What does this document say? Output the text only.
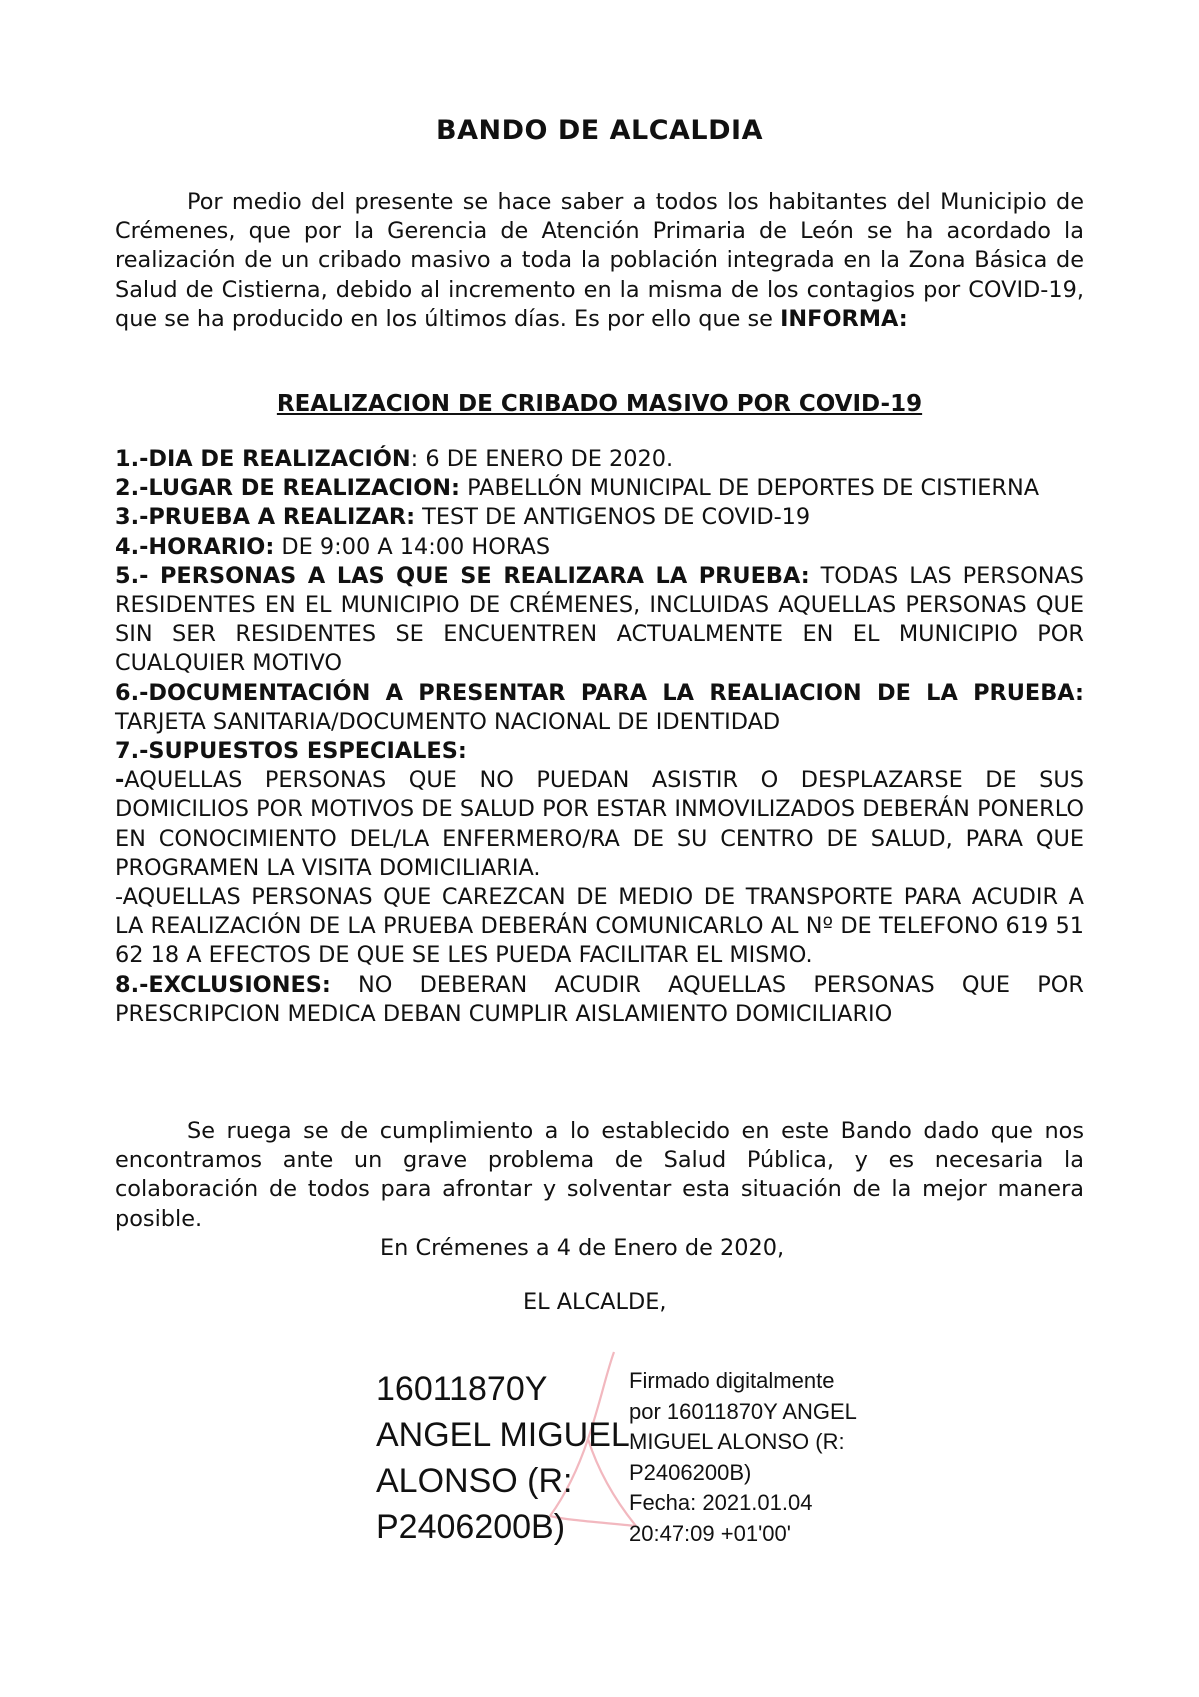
BANDO DE ALCALDIA

Por medio del presente se hace saber a todos los habitantes del Municipio de Crémenes, que por la Gerencia de Atención Primaria de León se ha acordado la realización de un cribado masivo a toda la población integrada en la Zona Básica de Salud de Cistierna, debido al incremento en la misma de los contagios por COVID-19, que se ha producido en los últimos días. Es por ello que se INFORMA:

REALIZACION DE CRIBADO MASIVO POR COVID-19

1.-DIA DE REALIZACIÓN: 6 DE ENERO DE 2020.

2.-LUGAR DE REALIZACION: PABELLÓN MUNICIPAL DE DEPORTES DE CISTIERNA

3.-PRUEBA A REALIZAR: TEST DE ANTIGENOS DE COVID-19

4.-HORARIO: DE 9:00 A 14:00 HORAS

5.- PERSONAS A LAS QUE SE REALIZARA LA PRUEBA: TODAS LAS PERSONAS RESIDENTES EN EL MUNICIPIO DE CRÉMENES, INCLUIDAS AQUELLAS PERSONAS QUE SIN SER RESIDENTES SE ENCUENTREN ACTUALMENTE EN EL MUNICIPIO POR CUALQUIER MOTIVO

6.-DOCUMENTACIÓN A PRESENTAR PARA LA REALIACION DE LA PRUEBA: TARJETA SANITARIA/DOCUMENTO NACIONAL DE IDENTIDAD

7.-SUPUESTOS ESPECIALES:

-AQUELLAS PERSONAS QUE NO PUEDAN ASISTIR O DESPLAZARSE DE SUS DOMICILIOS POR MOTIVOS DE SALUD POR ESTAR INMOVILIZADOS DEBERÁN PONERLO EN CONOCIMIENTO DEL/LA ENFERMERO/RA DE SU CENTRO DE SALUD, PARA QUE PROGRAMEN LA VISITA DOMICILIARIA.

-AQUELLAS PERSONAS QUE CAREZCAN DE MEDIO DE TRANSPORTE PARA ACUDIR A LA REALIZACIÓN DE LA PRUEBA DEBERÁN COMUNICARLO AL Nº DE TELEFONO 619 51 62 18 A EFECTOS DE QUE SE LES PUEDA FACILITAR EL MISMO.

8.-EXCLUSIONES: NO DEBERAN ACUDIR AQUELLAS PERSONAS QUE POR PRESCRIPCION MEDICA DEBAN CUMPLIR AISLAMIENTO DOMICILIARIO

Se ruega se de cumplimiento a lo establecido en este Bando dado que nos encontramos ante un grave problema de Salud Pública, y es necesaria la colaboración de todos para afrontar y solventar esta situación de la mejor manera posible.

En Crémenes a 4 de Enero de 2020,

EL ALCALDE,

16011870Y
ANGEL MIGUEL
ALONSO (R:
P2406200B)
Firmado digitalmente
por 16011870Y ANGEL
MIGUEL ALONSO (R:
P2406200B)
Fecha: 2021.01.04
20:47:09 +01'00'
